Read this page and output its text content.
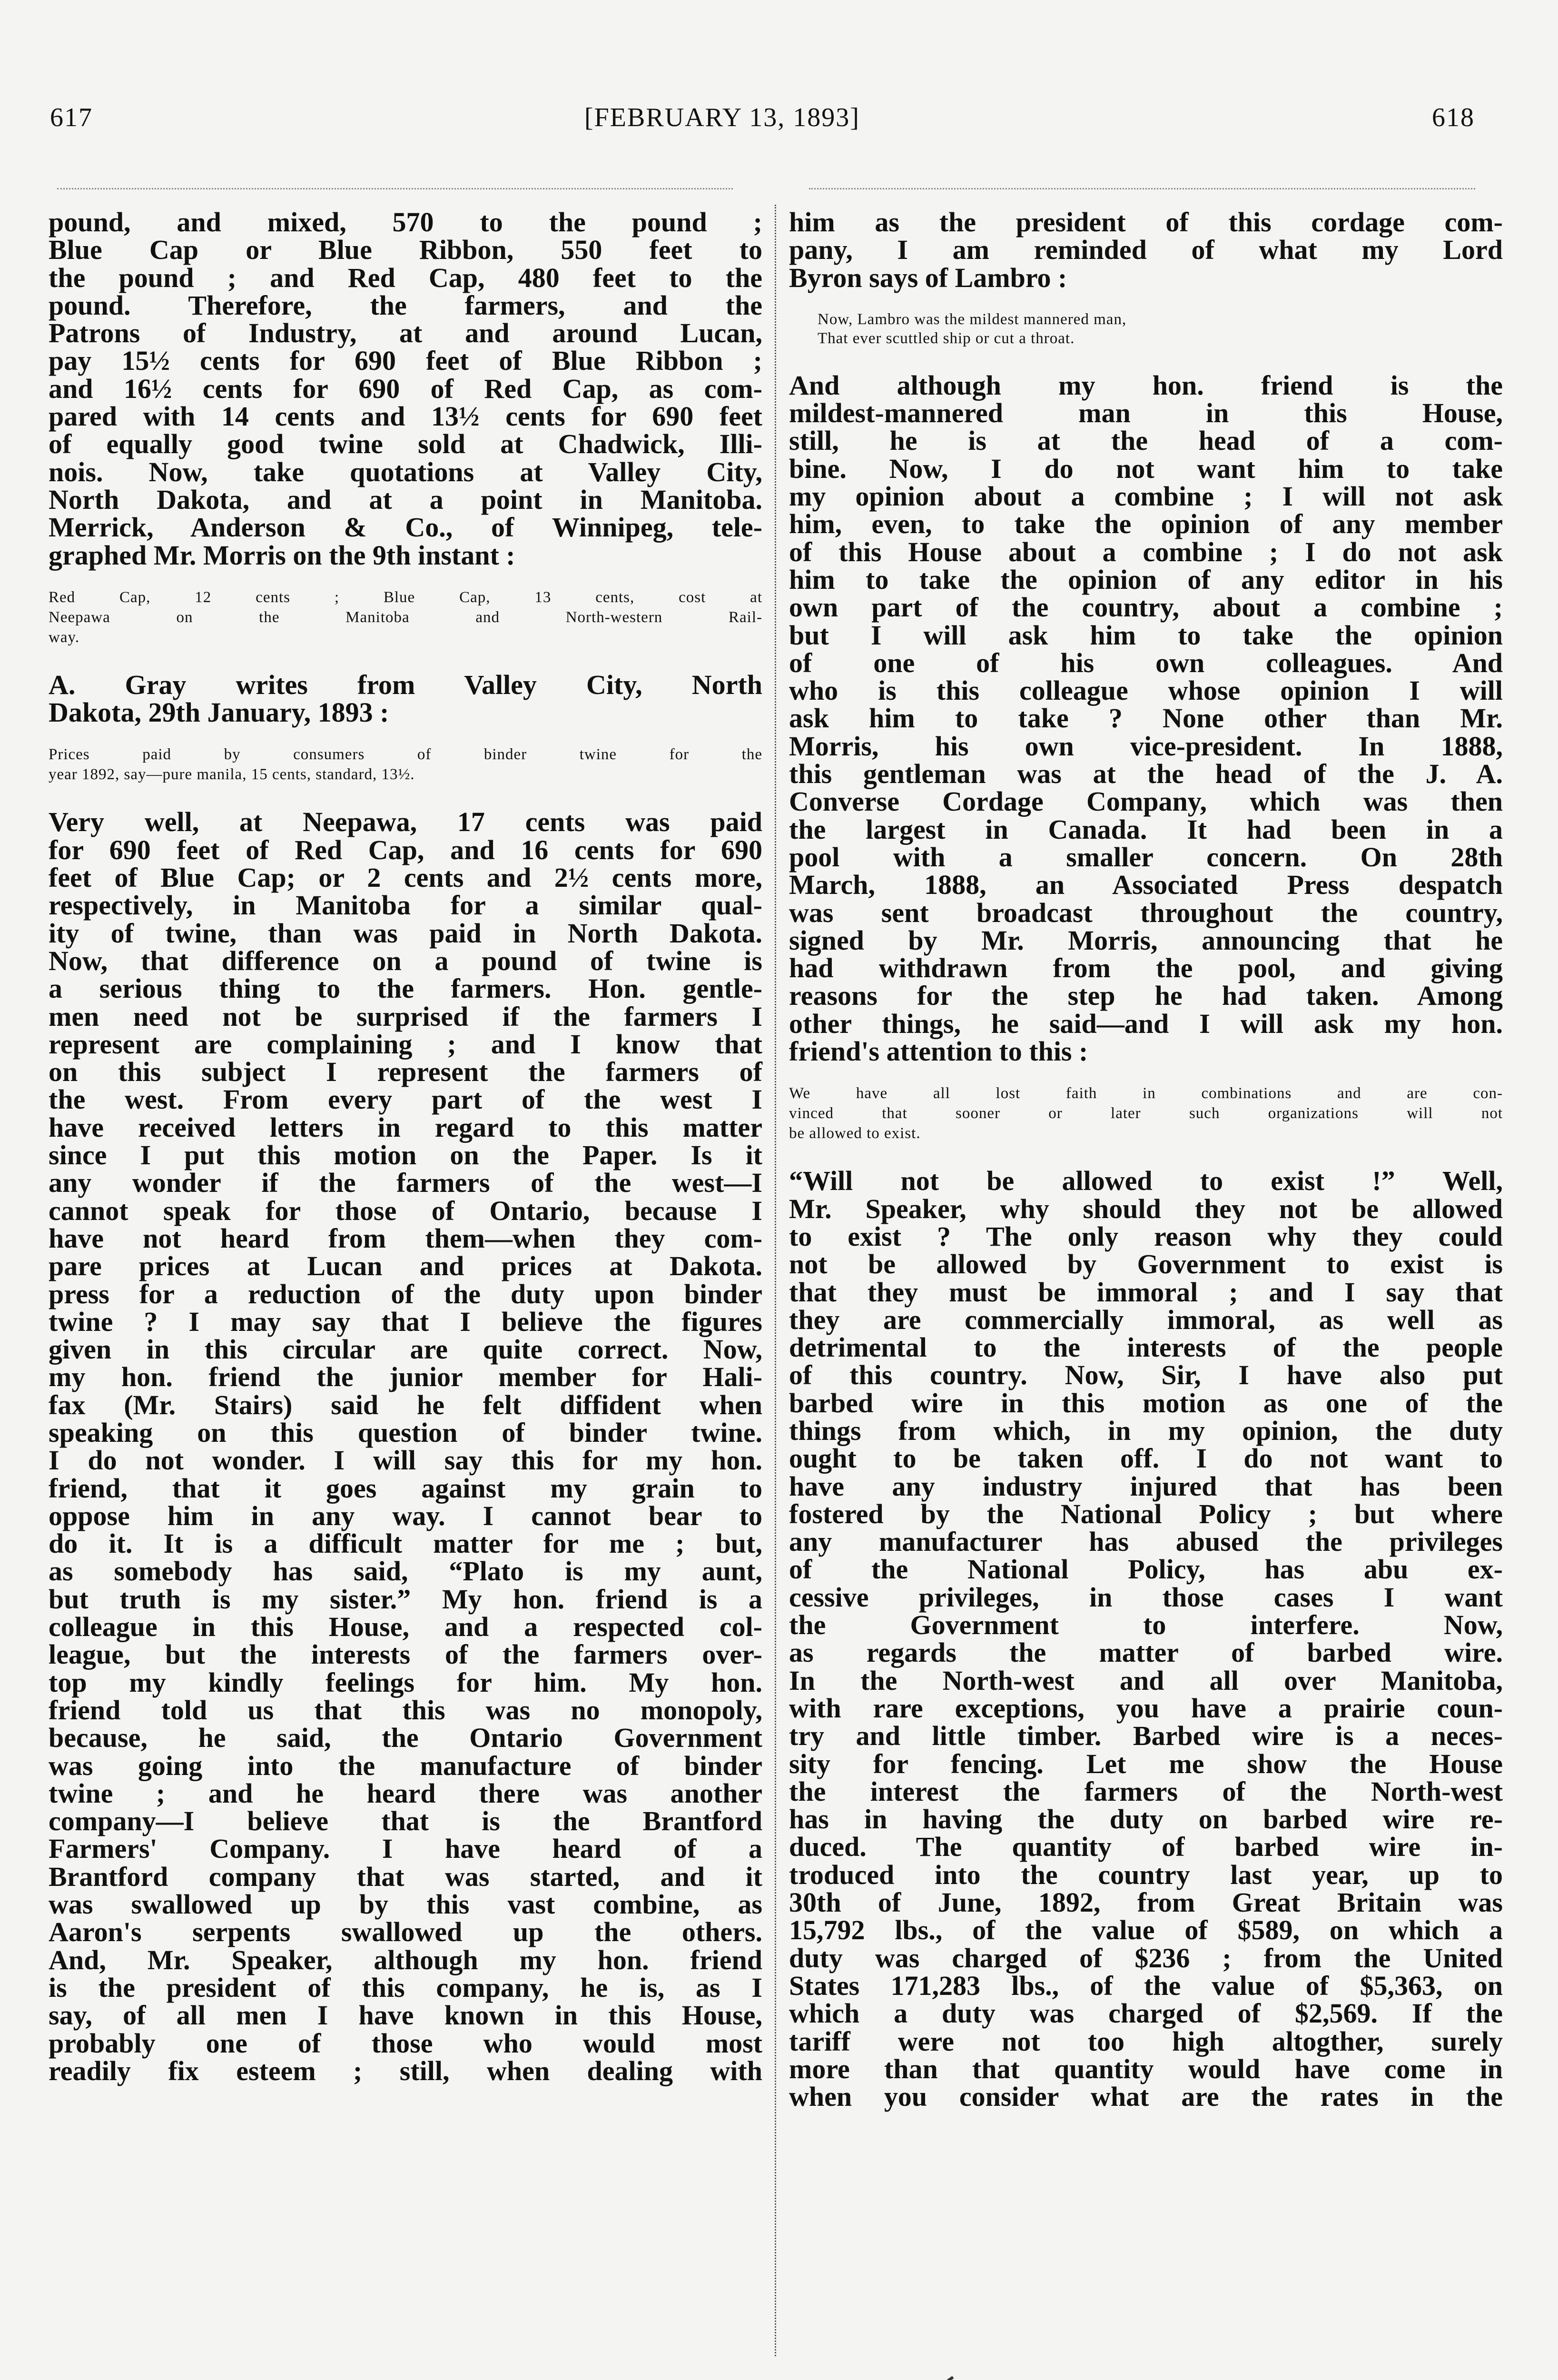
617	[FEBRUARY 13, 1893]	618
pound, and mixed, 570 to the pound ;
Blue Cap or Blue Ribbon, 550 feet to
the pound ; and Red Cap, 480 feet to the
pound. Therefore, the farmers, and the
Patrons of Industry, at and around Lucan,
pay 15½ cents for 690 feet of Blue Ribbon ;
and 16½ cents for 690 of Red Cap, as com-
pared with 14 cents and 13½ cents for 690 feet
of equally good twine sold at Chadwick, Illi-
nois. Now, take quotations at Valley City,
North Dakota, and at a point in Manitoba.
Merrick, Anderson & Co., of Winnipeg, tele-
graphed Mr. Morris on the 9th instant :
Red Cap, 12 cents ; Blue Cap, 13 cents, cost at
Neepawa on the Manitoba and North-western Rail-
way.
A. Gray writes from Valley City, North
Dakota, 29th January, 1893 :
Prices paid by consumers of binder twine for the
year 1892, say—pure manila, 15 cents, standard, 13½.
Very well, at Neepawa, 17 cents was paid
for 690 feet of Red Cap, and 16 cents for 690
feet of Blue Cap; or 2 cents and 2½ cents more,
respectively, in Manitoba for a similar qual-
ity of twine, than was paid in North Dakota.
Now, that difference on a pound of twine is
a serious thing to the farmers. Hon. gentle-
men need not be surprised if the farmers I
represent are complaining ; and I know that
on this subject I represent the farmers of
the west. From every part of the west I
have received letters in regard to this matter
since I put this motion on the Paper. Is it
any wonder if the farmers of the west—I
cannot speak for those of Ontario, because I
have not heard from them—when they com-
pare prices at Lucan and prices at Dakota.
press for a reduction of the duty upon binder
twine ? I may say that I believe the figures
given in this circular are quite correct. Now,
my hon. friend the junior member for Hali-
fax (Mr. Stairs) said he felt diffident when
speaking on this question of binder twine.
I do not wonder. I will say this for my hon.
friend, that it goes against my grain to
oppose him in any way. I cannot bear to
do it. It is a difficult matter for me ; but,
as somebody has said, “Plato is my aunt,
but truth is my sister.” My hon. friend is a
colleague in this House, and a respected col-
league, but the interests of the farmers over-
top my kindly feelings for him. My hon.
friend told us that this was no monopoly,
because, he said, the Ontario Government
was going into the manufacture of binder
twine ; and he heard there was another
company—I believe that is the Brantford
Farmers' Company. I have heard of a
Brantford company that was started, and it
was swallowed up by this vast combine, as
Aaron's serpents swallowed up the others.
And, Mr. Speaker, although my hon. friend
is the president of this company, he is, as I
say, of all men I have known in this House,
probably one of those who would most
readily fix esteem ; still, when dealing with
him as the president of this cordage com-
pany, I am reminded of what my Lord
Byron says of Lambro :
Now, Lambro was the mildest mannered man,
That ever scuttled ship or cut a throat.
And although my hon. friend is the
mildest-mannered man in this House,
still, he is at the head of a com-
bine. Now, I do not want him to take
my opinion about a combine ; I will not ask
him, even, to take the opinion of any member
of this House about a combine ; I do not ask
him to take the opinion of any editor in his
own part of the country, about a combine ;
but I will ask him to take the opinion
of one of his own colleagues. And
who is this colleague whose opinion I will
ask him to take ? None other than Mr.
Morris, his own vice-president. In 1888,
this gentleman was at the head of the J. A.
Converse Cordage Company, which was then
the largest in Canada. It had been in a
pool with a smaller concern. On 28th
March, 1888, an Associated Press despatch
was sent broadcast throughout the country,
signed by Mr. Morris, announcing that he
had withdrawn from the pool, and giving
reasons for the step he had taken. Among
other things, he said—and I will ask my hon.
friend's attention to this :
We have all lost faith in combinations and are con-
vinced that sooner or later such organizations will not
be allowed to exist.
“Will not be allowed to exist !” Well,
Mr. Speaker, why should they not be allowed
to exist ? The only reason why they could
not be allowed by Government to exist is
that they must be immoral ; and I say that
they are commercially immoral, as well as
detrimental to the interests of the people
of this country. Now, Sir, I have also put
barbed wire in this motion as one of the
things from which, in my opinion, the duty
ought to be taken off. I do not want to
have any industry injured that has been
fostered by the National Policy ; but where
any manufacturer has abused the privileges
of the National Policy, has abu ex-
cessive privileges, in those cases I want
the Government to interfere. Now,
as regards the matter of barbed wire.
In the North-west and all over Manitoba,
with rare exceptions, you have a prairie coun-
try and little timber. Barbed wire is a neces-
sity for fencing. Let me show the House
the interest the farmers of the North-west
has in having the duty on barbed wire re-
duced. The quantity of barbed wire in-
troduced into the country last year, up to
30th of June, 1892, from Great Britain was
15,792 lbs., of the value of $589, on which a
duty was charged of $236 ; from the United
States 171,283 lbs., of the value of $5,363, on
which a duty was charged of $2,569. If the
tariff were not too high altogther, surely
more than that quantity would have come in
when you consider what are the rates in the
